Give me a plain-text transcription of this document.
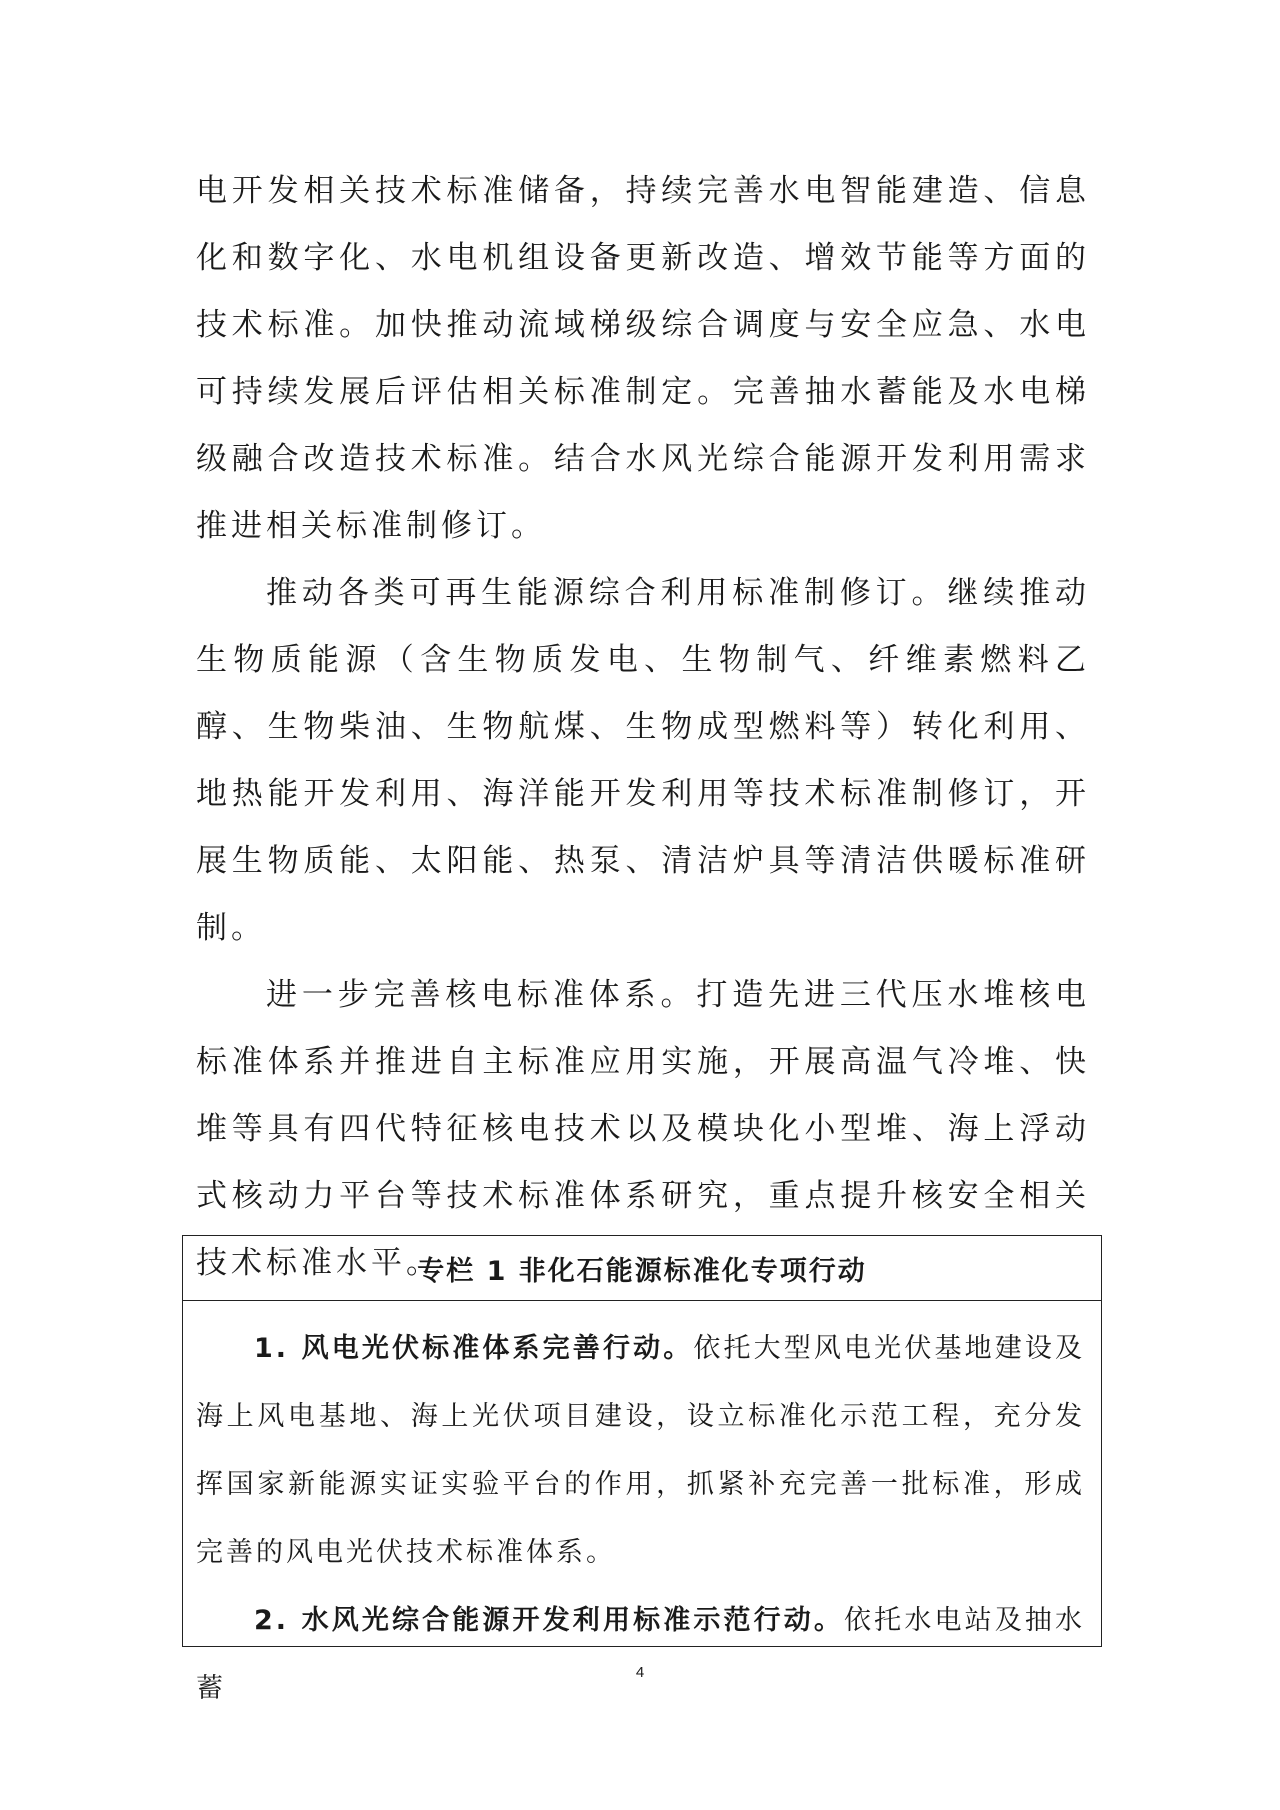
电开发相关技术标准储备，持续完善水电智能建造、信息化和数字化、水电机组设备更新改造、增效节能等方面的技术标准。加快推动流域梯级综合调度与安全应急、水电可持续发展后评估相关标准制定。完善抽水蓄能及水电梯级融合改造技术标准。结合水风光综合能源开发利用需求推进相关标准制修订。

推动各类可再生能源综合利用标准制修订。继续推动生物质能源（含生物质发电、生物制气、纤维素燃料乙醇、生物柴油、生物航煤、生物成型燃料等）转化利用、地热能开发利用、海洋能开发利用等技术标准制修订，开展生物质能、太阳能、热泵、清洁炉具等清洁供暖标准研制。

进一步完善核电标准体系。打造先进三代压水堆核电标准体系并推进自主标准应用实施，开展高温气冷堆、快堆等具有四代特征核电技术以及模块化小型堆、海上浮动式核动力平台等技术标准体系研究，重点提升核安全相关技术标准水平。

专栏 1 非化石能源标准化专项行动

1. 风电光伏标准体系完善行动。依托大型风电光伏基地建设及海上风电基地、海上光伏项目建设，设立标准化示范工程，充分发挥国家新能源实证实验平台的作用，抓紧补充完善一批标准，形成完善的风电光伏技术标准体系。

2. 水风光综合能源开发利用标准示范行动。依托水电站及抽水蓄

4
